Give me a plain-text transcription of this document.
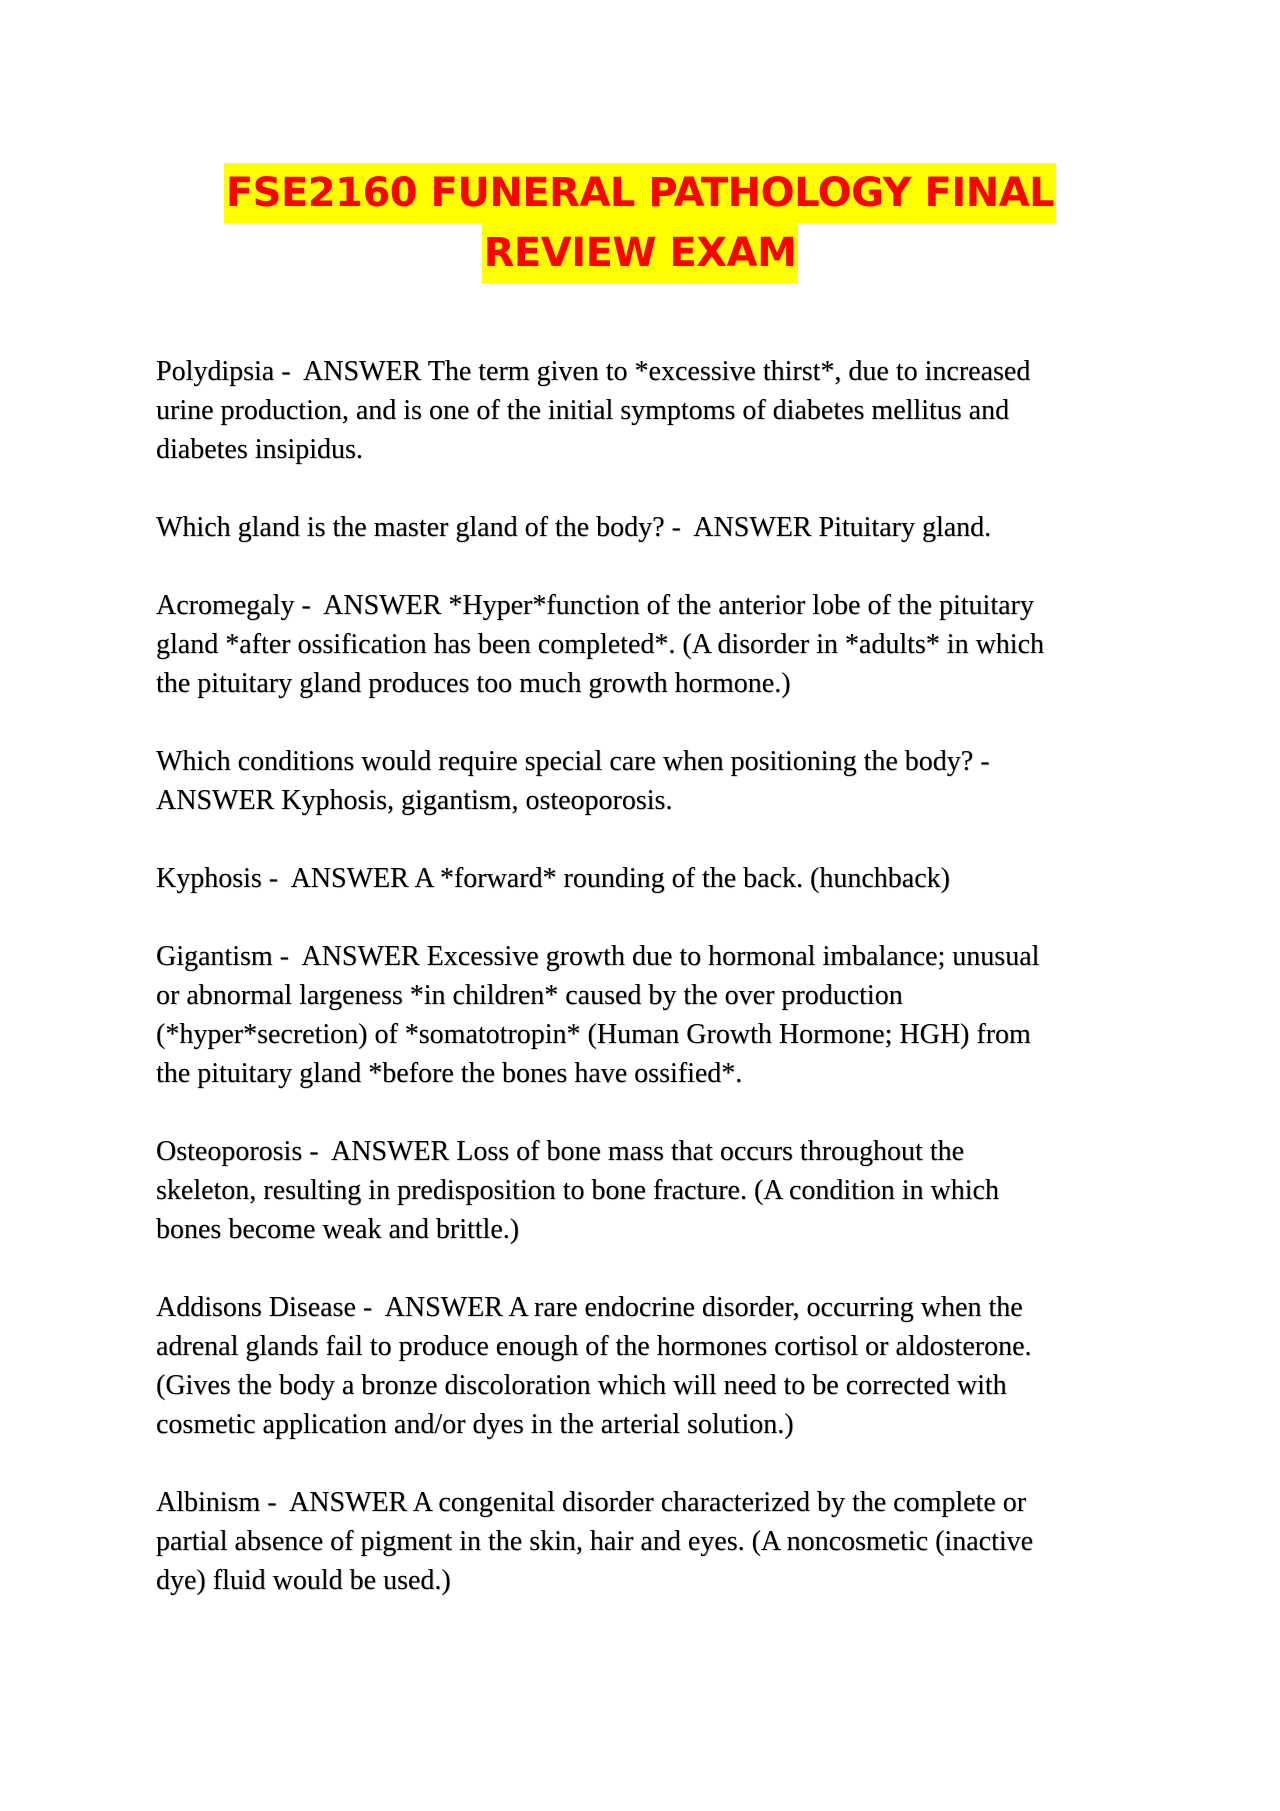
FSE2160 FUNERAL PATHOLOGY FINAL
REVIEW EXAM

Polydipsia -  ANSWER The term given to *excessive thirst*, due to increased
urine production, and is one of the initial symptoms of diabetes mellitus and
diabetes insipidus.

Which gland is the master gland of the body? -  ANSWER Pituitary gland.

Acromegaly -  ANSWER *Hyper*function of the anterior lobe of the pituitary
gland *after ossification has been completed*. (A disorder in *adults* in which
the pituitary gland produces too much growth hormone.)

Which conditions would require special care when positioning the body? -
ANSWER Kyphosis, gigantism, osteoporosis.

Kyphosis -  ANSWER A *forward* rounding of the back. (hunchback)

Gigantism -  ANSWER Excessive growth due to hormonal imbalance; unusual
or abnormal largeness *in children* caused by the over production
(*hyper*secretion) of *somatotropin* (Human Growth Hormone; HGH) from
the pituitary gland *before the bones have ossified*.

Osteoporosis -  ANSWER Loss of bone mass that occurs throughout the
skeleton, resulting in predisposition to bone fracture. (A condition in which
bones become weak and brittle.)

Addisons Disease -  ANSWER A rare endocrine disorder, occurring when the
adrenal glands fail to produce enough of the hormones cortisol or aldosterone.
(Gives the body a bronze discoloration which will need to be corrected with
cosmetic application and/or dyes in the arterial solution.)

Albinism -  ANSWER A congenital disorder characterized by the complete or
partial absence of pigment in the skin, hair and eyes. (A noncosmetic (inactive
dye) fluid would be used.)
